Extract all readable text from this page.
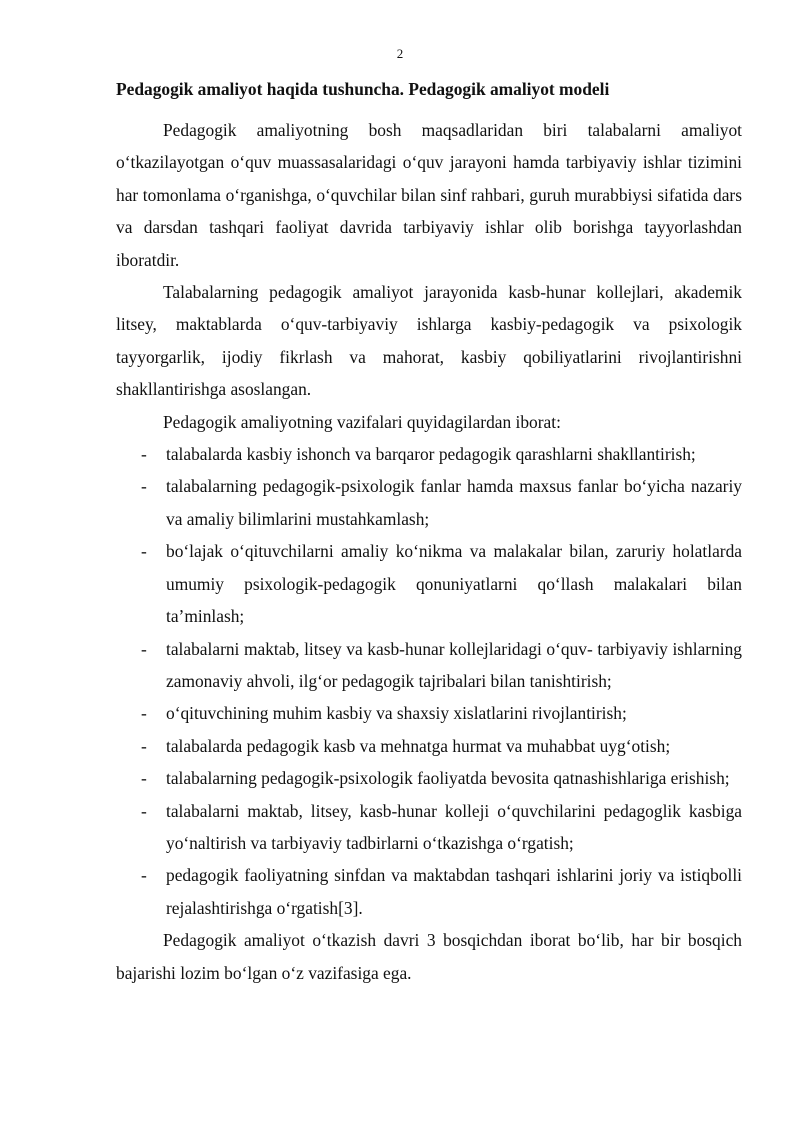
2
Pedagogik amaliyot haqida tushuncha. Pedagogik amaliyot modeli

Pedagogik amaliyotning bosh maqsadlaridan biri talabalarni amaliyot o‘tkazilayotgan o‘quv muassasalaridagi o‘quv jarayoni hamda tarbiyaviy ishlar tizimini har tomonlama o‘rganishga, o‘quvchilar bilan sinf rahbari, guruh murabbiysi sifatida dars va darsdan tashqari faoliyat davrida tarbiyaviy ishlar olib borishga tayyorlashdan iboratdir.

Talabalarning pedagogik amaliyot jarayonida kasb-hunar kollejlari, akademik litsey, maktablarda o‘quv-tarbiyaviy ishlarga kasbiy-pedagogik va psixologik tayyorgarlik, ijodiy fikrlash va mahorat, kasbiy qobiliyatlarini rivojlantirishni shakllantirishga asoslangan.

Pedagogik amaliyotning vazifalari quyidagilardan iborat:

- talabalarda kasbiy ishonch va barqaror pedagogik qarashlarni shakllantirish;
- talabalarning pedagogik-psixologik fanlar hamda maxsus fanlar bo‘yicha nazariy va amaliy bilimlarini mustahkamlash;
- bo‘lajak o‘qituvchilarni amaliy ko‘nikma va malakalar bilan, zaruriy holatlarda umumiy psixologik-pedagogik qonuniyatlarni qo‘llash malakalari bilan ta’minlash;
- talabalarni maktab, litsey va kasb-hunar kollejlaridagi o‘quv- tarbiyaviy ishlarning zamonaviy ahvoli, ilg‘or pedagogik tajribalari bilan tanishtirish;
- o‘qituvchining muhim kasbiy va shaxsiy xislatlarini rivojlantirish;
- talabalarda pedagogik kasb va mehnatga hurmat va muhabbat uyg‘otish;
- talabalarning pedagogik-psixologik faoliyatda bevosita qatnashishlariga erishish;
- talabalarni maktab, litsey, kasb-hunar kolleji o‘quvchilarini pedagoglik kasbiga yo‘naltirish va tarbiyaviy tadbirlarni o‘tkazishga o‘rgatish;
- pedagogik faoliyatning sinfdan va maktabdan tashqari ishlarini joriy va istiqbolli rejalashtirishga o‘rgatish[3].

Pedagogik amaliyot o‘tkazish davri 3 bosqichdan iborat bo‘lib, har bir bosqich bajarishi lozim bo‘lgan o‘z vazifasiga ega.
